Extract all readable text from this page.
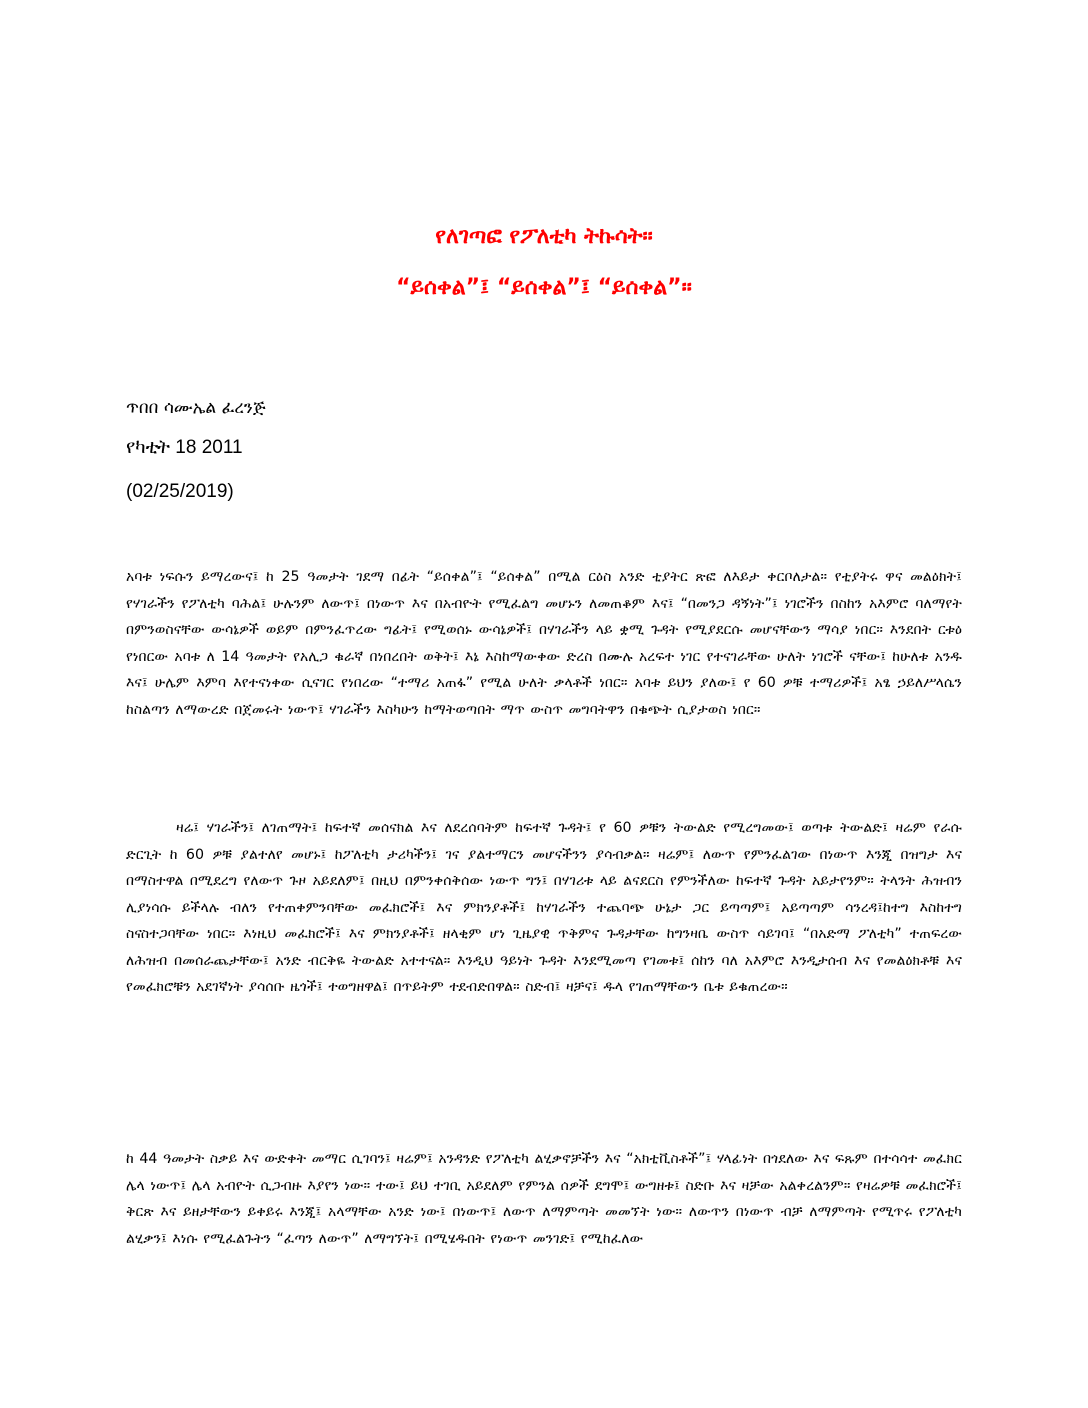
የለገጣፎ የፖለቲካ ትኩሳት።
“ይሰቀል”፤ “ይሰቀል”፤ “ይሰቀል”።

ጥበበ ሳሙኤል ፈረንጅ

የካቲት 18 2011

(02/25/2019)

አባቱ ነፍሱን ይማረውና፤ ከ 25 ዓመታት ገደማ በፊት “ይሰቀል”፤ “ይሰቀል” በሚል ርዕስ አንድ ቲያትር ጽፎ ለእይታ ቀርቦለታል። የቲያትሩ ዋና መልዕክት፤ የሃገራችን የፖለቲካ ባሕል፤ ሁሉንም ለውጥ፤ በነውጥ እና በአብዮት የሚፈልግ መሆኑን ለመጠቆም እና፤ “በመንጋ ዳኝነት”፤ ነገሮችን በስከን አእምሮ ባለማየት በምንወስናቸው ውሳኔዎች ወይም በምንፈጥረው ግፊት፤ የሚወሰኑ ውሳኔዎች፤ በሃገራችን ላይ ቋሚ ጉዳት የሚያደርሱ መሆናቸውን ማሳያ ነበር። እንደበት ርቱዕ የነበርው አባቱ ለ 14 ዓመታት የአሊጋ ቁራኛ በነበረበት ወቅት፤ እኔ እስከማውቀው ድረስ በሙሉ አረፍተ ነገር የተናገራቸው ሁለት ነገሮች ናቸው፤ ከሁለቱ አንዱ እና፤ ሁሌም እምባ እየተናነቀው ሲናገር የነበረው “ተማሪ አጠፋ” የሚል ሁለት ቃላቶች ነበር። አባቱ ይህን ያለው፤ የ 60 ዎቹ ተማሪዎች፤ አፄ ኃይለሥላሴን ከስልጣን ለማውረድ በጀመሩት ነውጥ፤ ሃገራችን እስካሁን ከማትወጣበት ማጥ ውስጥ መግባትዋን በቁጭት ሲያታወስ ነበር።

ዛሬ፤ ሃገራችን፤ ለገጠማት፤ ከፍተኛ መሰናክል እና ለደረሰባትም ከፍተኛ ጉዳት፤ የ 60 ዎቹን ትውልድ የሚረግመው፤ ወጣቱ ትውልድ፤ ዛሬም የራሱ ድርጊት ከ 60 ዎቹ ያልተለየ መሆኑ፤ ከፖለቲካ ታሪካችን፤ ገና ያልተማርን መሆናችንን ያሳብቃል። ዛሬም፤ ለውጥ የምንፈልገው በነውጥ እንጂ በዝግታ እና በማስተዋል በሚደረግ የለውጥ ጉዞ አይደለም፤ በዚህ በምንቀሰቅሰው ነውጥ ግን፤ በሃገሪቱ ላይ ልናደርስ የምንችለው ከፍተኛ ጉዳት አይታየንም። ትላንት ሕዝብን ሊያነሳሱ ይችላሉ ብለን የተጠቀምንባቸው መፈክሮች፤ እና ምክንያቶች፤ ከሃገራችን ተጨባጭ ሁኔታ ጋር ይጣጣም፤ አይጣጣም ሳንረዳ፤ከተግ እስከተግ ስናስተጋባቸው ነበር። እነዚህ መፈክሮች፤ እና ምክንያቶች፤ ዘላቂም ሆነ ጊዜያዊ ጥቅምና ጉዳታቸው ከግንዛቤ ውስጥ ሳይገባ፤ “በአድማ ፖለቲካ” ተጠፍረው ለሕዝብ በመሰራጨታቸው፤ አንድ ብርቅዬ ትውልድ አተተናል። እንዲህ ዓይነት ጉዳት እንደሚመጣ የገመቱ፤ ሰከን ባለ አእምሮ እንዲታሰብ እና የመልዕክቶቹ እና የመፈክሮቹን አደገኛነት ያሳሰቡ ዜጎች፤ ተወግዘዋል፤ በጥይትም ተደብድበዋል። ስድብ፤ ዛቻና፤ ዱላ የገጠማቸውን ቤቱ ይቁጠረው።

ከ 44 ዓመታት ስቃይ እና ውድቀት መማር ሲገባን፤ ዛሬም፤ አንዳንድ የፖለቲካ ልሂቃኖቻችን እና “አክቲቪስቶች”፤ ሃላፊነት በጎደለው እና ፍጹም በተሳሳተ መፈክር ሌላ ነውጥ፤ ሌላ አብዮት ሲጋብዙ እያየን ነው። ተው፤ ይህ ተገቢ አይደለም የምንል ሰዎች ደግሞ፤ ውግዘቱ፤ ስድቡ እና ዛቻው አልቀረልንም። የዛሬዎቹ መፈክሮች፤ ቅርጽ እና ይዘታቸውን ይቀይሩ እንጂ፤ አላማቸው አንድ ነው፤ በነውጥ፤ ለውጥ ለማምጣት መመኘት ነው። ለውጥን በነውጥ ብቻ ለማምጣት የሚጥሩ የፖለቲካ ልሂቃን፤ እነሱ የሚፈልጉትን “ፈጣን ለውጥ” ለማግኘት፤ በሚሄዱበት የነውጥ መንገድ፤ የሚከፈለው
